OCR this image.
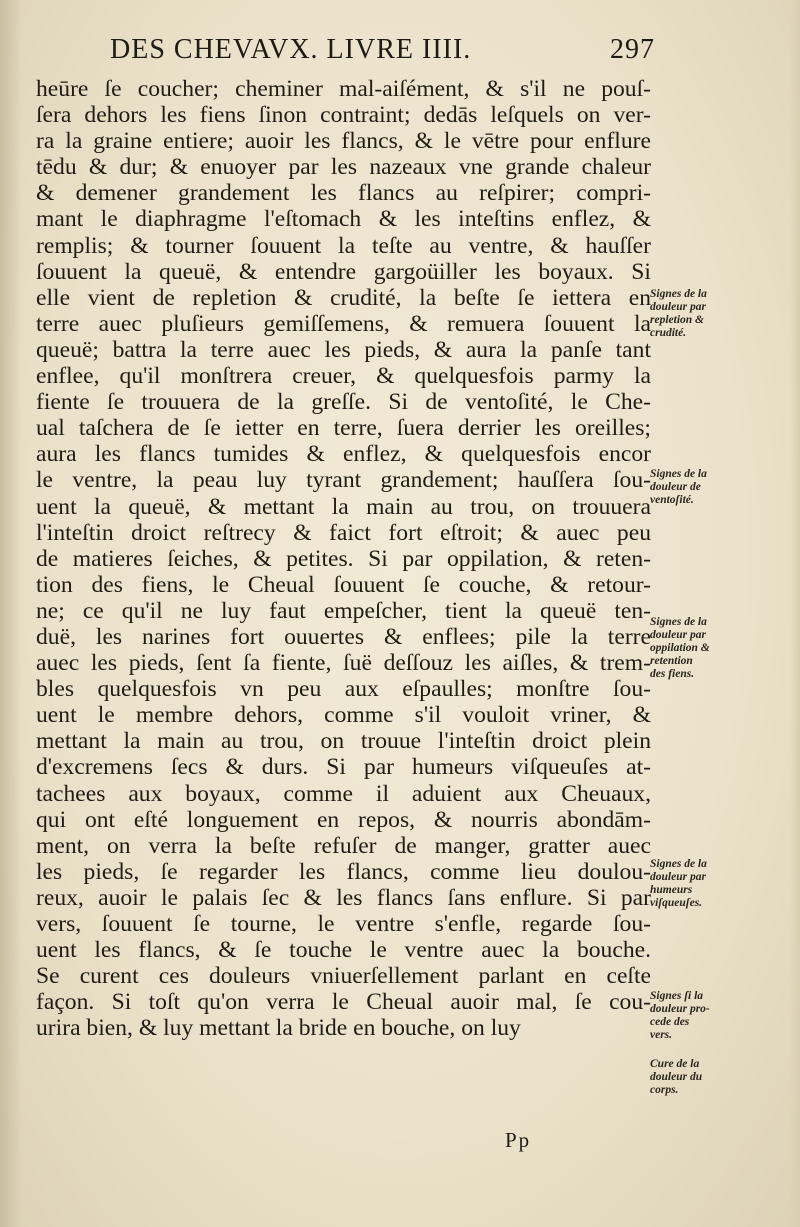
DES CHEVAVX. LIVRE IIII.	297
heūre ſe coucher; cheminer mal-aiſément, & s'il ne pouſ-
ſera dehors les fiens ſinon contraint; dedās leſquels on ver-
ra la graine entiere; auoir les flancs, & le vētre pour enflure
tēdu & dur; & enuoyer par les nazeaux vne grande chaleur
& demener grandement les flancs au reſpirer; compri-
mant le diaphragme l'eſtomach & les inteſtins enflez, &
remplis; & tourner ſouuent la teſte au ventre, & hauſſer
ſouuent la queuë, & entendre gargoüiller les boyaux. Si
elle vient de repletion & crudité, la beſte ſe iettera en
terre auec pluſieurs gemiſſemens, & remuera ſouuent la
queuë; battra la terre auec les pieds, & aura la panſe tant
enflee, qu'il monſtrera creuer, & quelquesfois parmy la
fiente ſe trouuera de la greſſe. Si de ventoſité, le Che-
ual taſchera de ſe ietter en terre, ſuera derrier les oreilles;
aura les flancs tumides & enflez, & quelquesfois encor
le ventre, la peau luy tyrant grandement; hauſſera ſou-
uent la queuë, & mettant la main au trou, on trouuera
l'inteſtin droict reſtrecy & faict fort eſtroit; & auec peu
de matieres ſeiches, & petites. Si par oppilation, & reten-
tion des fiens, le Cheual ſouuent ſe couche, & retour-
ne; ce qu'il ne luy faut empeſcher, tient la queuë ten-
duë, les narines fort ouuertes & enflees; pile la terre
auec les pieds, ſent ſa fiente, ſuë deſſouz les aiſles, & trem-
bles quelquesfois vn peu aux eſpaulles; monſtre ſou-
uent le membre dehors, comme s'il vouloit vriner, &
mettant la main au trou, on trouue l'inteſtin droict plein
d'excremens ſecs & durs. Si par humeurs viſqueuſes at-
tachees aux boyaux, comme il aduient aux Cheuaux,
qui ont eſté longuement en repos, & nourris abondām-
ment, on verra la beſte refuſer de manger, gratter auec
les pieds, ſe regarder les flancs, comme lieu doulou-
reux, auoir le palais ſec & les flancs ſans enflure. Si par
vers, ſouuent ſe tourne, le ventre s'enfle, regarde ſou-
uent les flancs, & ſe touche le ventre auec la bouche.
Se curent ces douleurs vniuerſellement parlant en ceſte
façon. Si toſt qu'on verra le Cheual auoir mal, ſe cou-
urira bien, & luy mettant la bride en bouche, on luy
Signes de la
douleur par
repletion &
crudité.
Signes de la
douleur de
ventoſité.
Signes de la
douleur par
oppilation &
retention
des fiens.
Signes de la
douleur par
humeurs
viſqueuſes.
Signes ſi la
douleur pro-
cede des
vers.
Cure de la
douleur du
corps.
Pp
